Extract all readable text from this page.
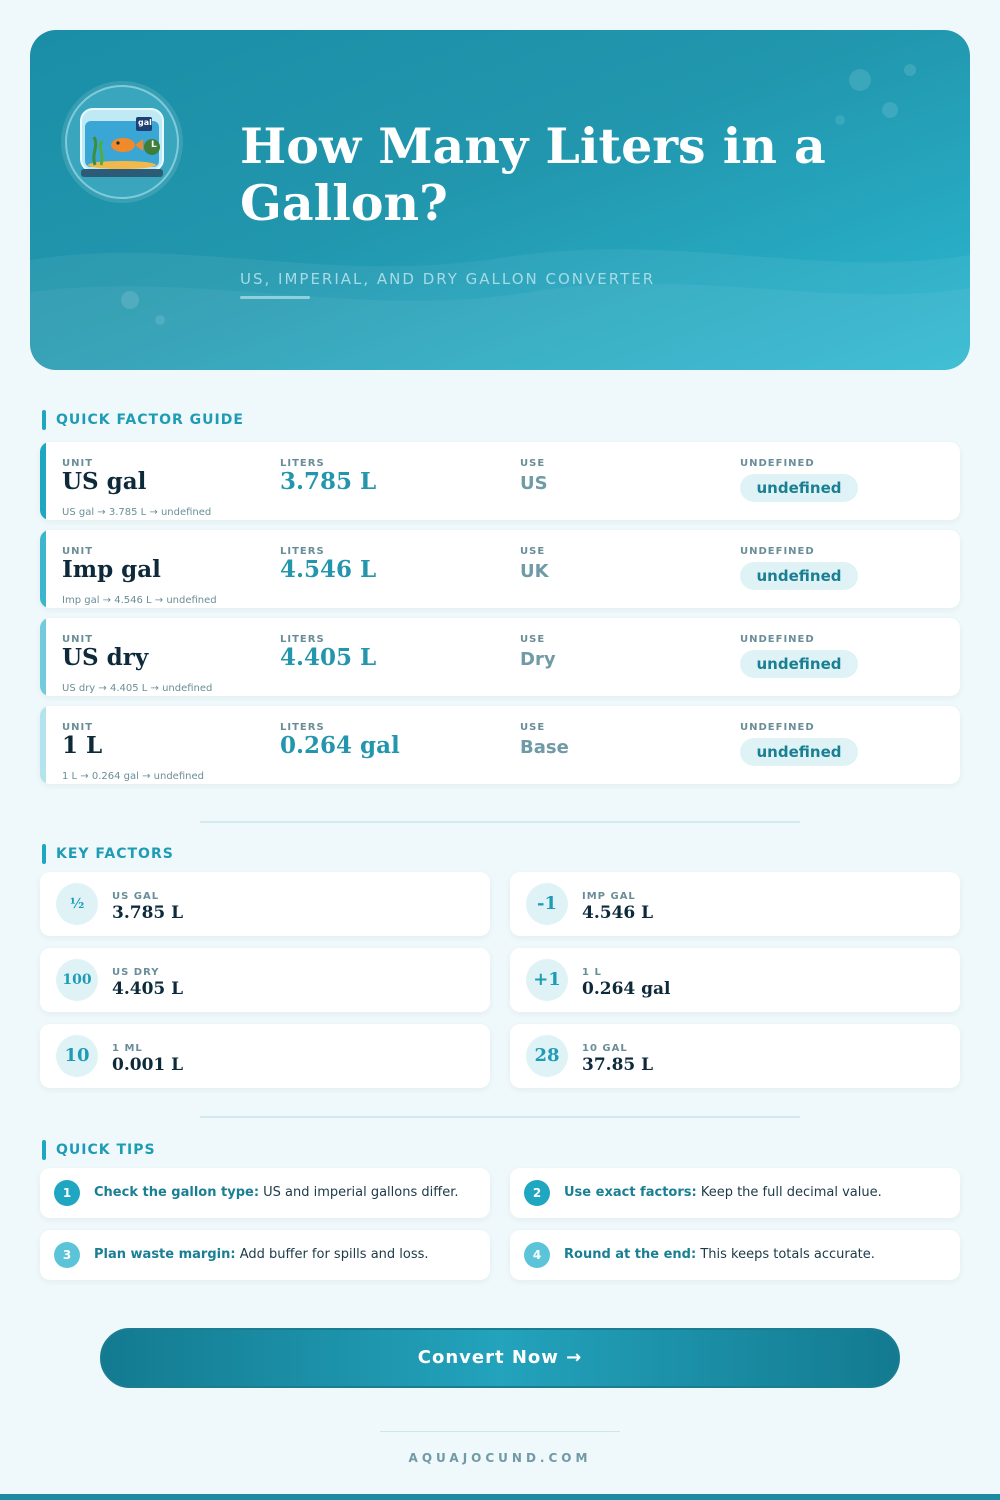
gal
L How Many Liters in a Gallon?
US, IMPERIAL, AND DRY GALLON CONVERTER
QUICK FACTOR GUIDE
UNIT	LITERS	USE	UNDEFINED
US gal	3.785 L	US	undefined
US gal → 3.785 L → undefined
UNIT	LITERS	USE	UNDEFINED
Imp gal	4.546 L	UK	undefined
Imp gal → 4.546 L → undefined
UNIT	LITERS	USE	UNDEFINED
US dry	4.405 L	Dry	undefined
US dry → 4.405 L → undefined
UNIT	LITERS	USE	UNDEFINED
1 L	0.264 gal	Base	undefined
1 L → 0.264 gal → undefined
KEY FACTORS
½	US GAL
3.785 L	-1	IMP GAL
4.546 L
100	US DRY
4.405 L	+1	1 L
0.264 gal
10	1 ML
0.001 L	28	10 GAL
37.85 L
QUICK TIPS
1	Check the gallon type: US and imperial gallons differ.	2	Use exact factors: Keep the full decimal value.
3	Plan waste margin: Add buffer for spills and loss.	4	Round at the end: This keeps totals accurate.
Convert Now →
AQUAJOCUND.COM
